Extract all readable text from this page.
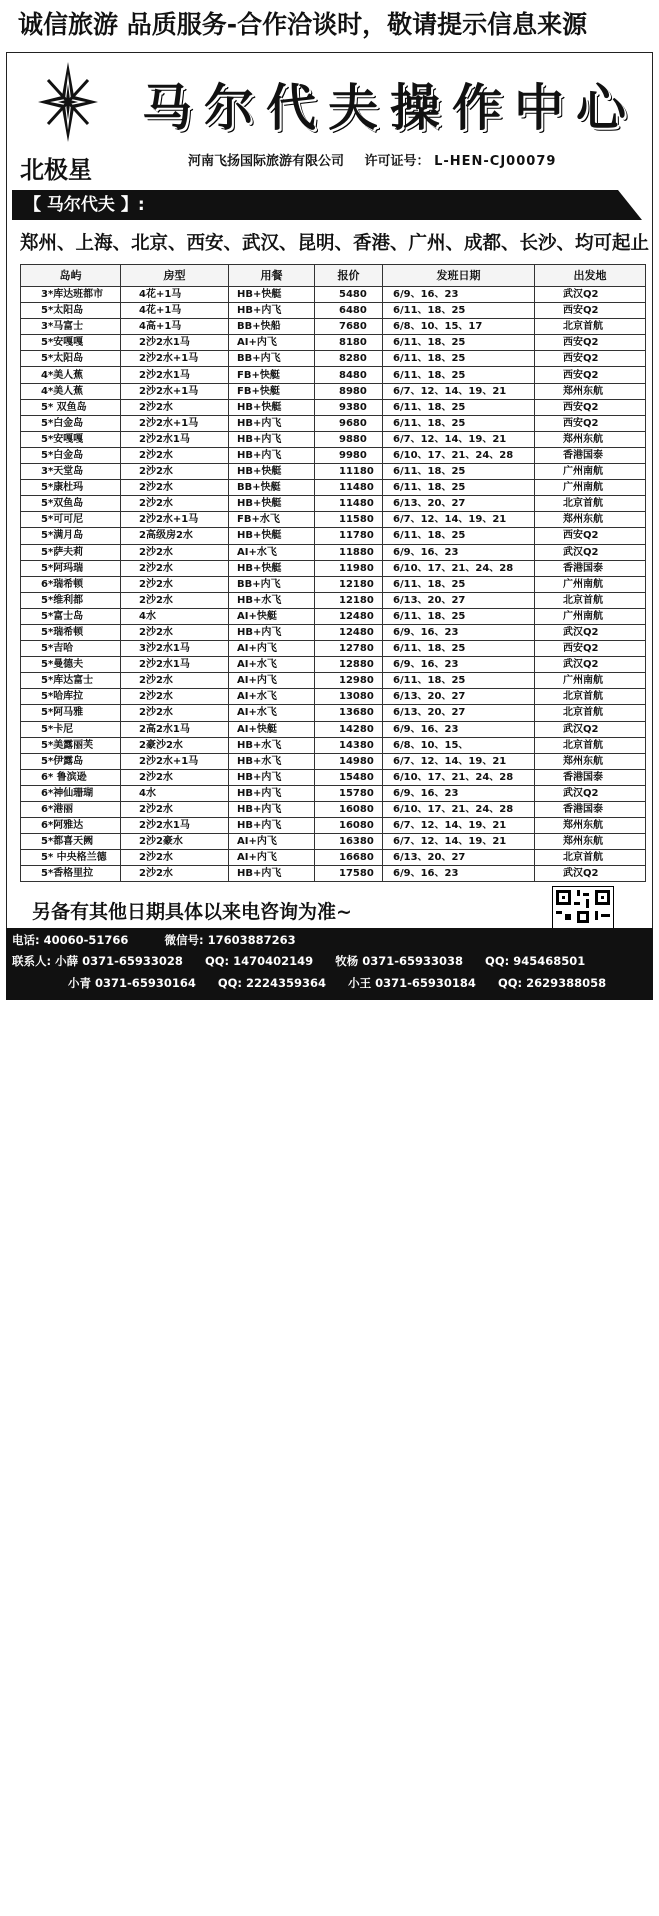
诚信旅游 品质服务-合作洽谈时，敬请提示信息来源
北极星
马尔代夫操作中心
河南飞扬国际旅游有限公司 许可证号： L-HEN-CJ00079
【 马尔代夫 】:
郑州、上海、北京、西安、武汉、昆明、香港、广州、成都、长沙、均可起止
岛屿	房型	用餐	报价	发班日期	出发地
3*库达班都市	4花+1马	HB+快艇	5480	6/9、16、23	武汉Q2
5*太阳岛	4花+1马	HB+内飞	6480	6/11、18、25	西安Q2
3*马富士	4高+1马	BB+快船	7680	6/8、10、15、17	北京首航
5*安嘎嘎	2沙2水1马	AI+内飞	8180	6/11、18、25	西安Q2
5*太阳岛	2沙2水+1马	BB+内飞	8280	6/11、18、25	西安Q2
4*美人蕉	2沙2水1马	FB+快艇	8480	6/11、18、25	西安Q2
4*美人蕉	2沙2水+1马	FB+快艇	8980	6/7、12、14、19、21	郑州东航
5* 双鱼岛	2沙2水	HB+快艇	9380	6/11、18、25	西安Q2
5*白金岛	2沙2水+1马	HB+内飞	9680	6/11、18、25	西安Q2
5*安嘎嘎	2沙2水1马	HB+内飞	9880	6/7、12、14、19、21	郑州东航
5*白金岛	2沙2水	HB+内飞	9980	6/10、17、21、24、28	香港国泰
3*天堂岛	2沙2水	HB+快艇	11180	6/11、18、25	广州南航
5*康杜玛	2沙2水	BB+快艇	11480	6/11、18、25	广州南航
5*双鱼岛	2沙2水	HB+快艇	11480	6/13、20、27	北京首航
5*可可尼	2沙2水+1马	FB+水飞	11580	6/7、12、14、19、21	郑州东航
5*满月岛	2高级房2水	HB+快艇	11780	6/11、18、25	西安Q2
5*萨夫莉	2沙2水	AI+水飞	11880	6/9、16、23	武汉Q2
5*阿玛瑞	2沙2水	HB+快艇	11980	6/10、17、21、24、28	香港国泰
6*瑞希顿	2沙2水	BB+内飞	12180	6/11、18、25	广州南航
5*维利都	2沙2水	HB+水飞	12180	6/13、20、27	北京首航
5*富士岛	4水	AI+快艇	12480	6/11、18、25	广州南航
5*瑞希顿	2沙2水	HB+内飞	12480	6/9、16、23	武汉Q2
5*吉哈	3沙2水1马	AI+内飞	12780	6/11、18、25	西安Q2
5*曼德夫	2沙2水1马	AI+水飞	12880	6/9、16、23	武汉Q2
5*库达富士	2沙2水	AI+内飞	12980	6/11、18、25	广州南航
5*哈库拉	2沙2水	AI+水飞	13080	6/13、20、27	北京首航
5*阿马雅	2沙2水	AI+水飞	13680	6/13、20、27	北京首航
5*卡尼	2高2水1马	AI+快艇	14280	6/9、16、23	武汉Q2
5*美露丽芙	2豪沙2水	HB+水飞	14380	6/8、10、15、	北京首航
5*伊露岛	2沙2水+1马	HB+水飞	14980	6/7、12、14、19、21	郑州东航
6* 鲁滨逊	2沙2水	HB+内飞	15480	6/10、17、21、24、28	香港国泰
6*神仙珊瑚	4水	HB+内飞	15780	6/9、16、23	武汉Q2
6*港丽	2沙2水	HB+内飞	16080	6/10、17、21、24、28	香港国泰
6*阿雅达	2沙2水1马	HB+内飞	16080	6/7、12、14、19、21	郑州东航
5*都喜天阙	2沙2豪水	AI+内飞	16380	6/7、12、14、19、21	郑州东航
5* 中央格兰德	2沙2水	AI+内飞	16680	6/13、20、27	北京首航
5*香格里拉	2沙2水	HB+内飞	17580	6/9、16、23	武汉Q2
另备有其他日期具体以来电咨询为准~
电话: 40060-51766	微信号: 17603887263
联系人: 小薛 0371-65933028 QQ: 1470402149 牧杨 0371-65933038 QQ: 945468501
小青 0371-65930164 QQ: 2224359364 小王 0371-65930184 QQ: 2629388058
帐号: 71018
密码: 11111
